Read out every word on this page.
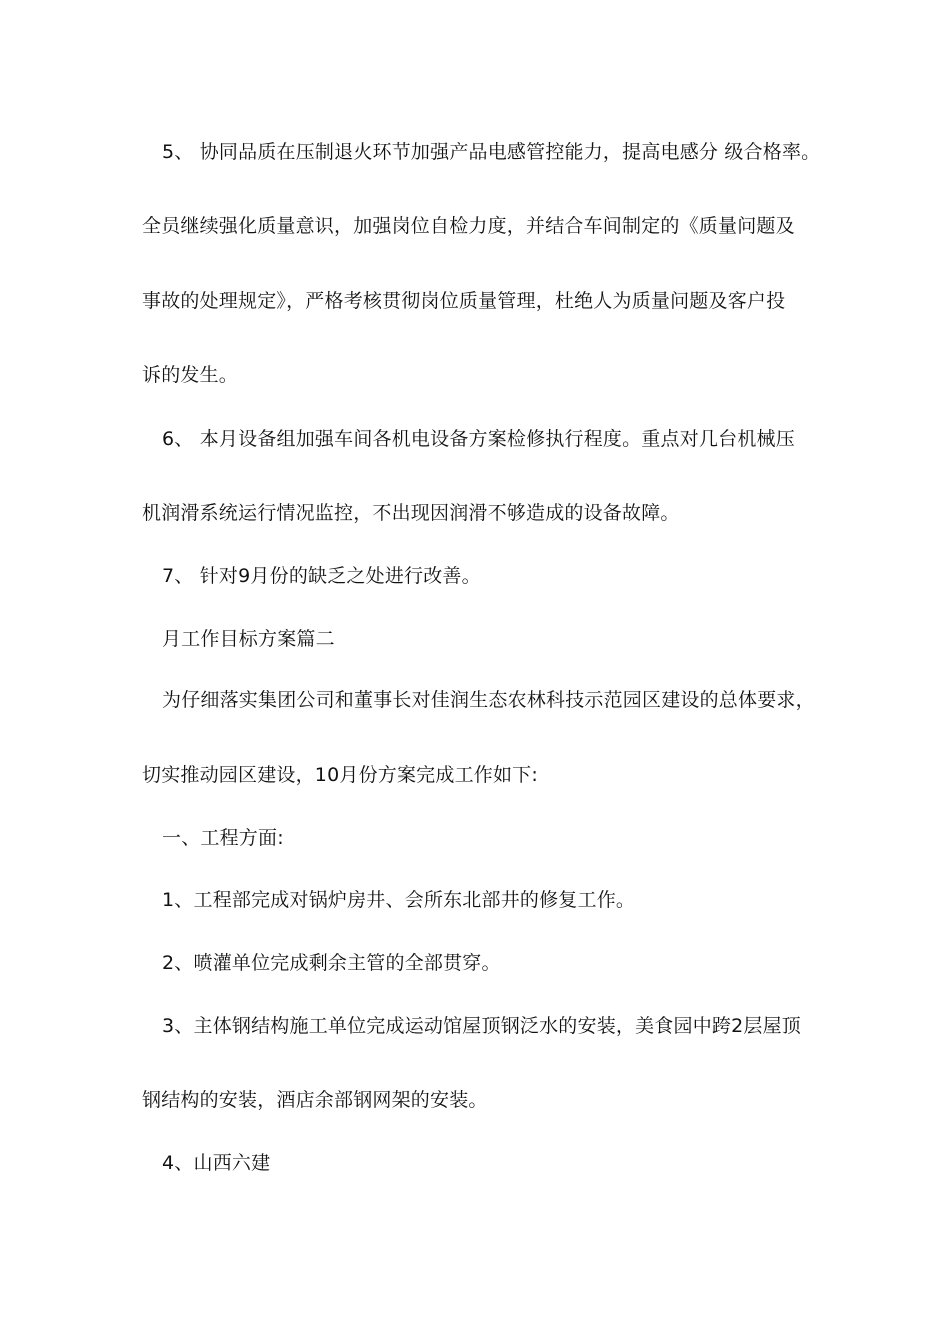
5、 协同品质在压制退火环节加强产品电感管控能力，提高电感分 级合格率。
全员继续强化质量意识，加强岗位自检力度，并结合车间制定的《质量问题及
事故的处理规定》，严格考核贯彻岗位质量管理，杜绝人为质量问题及客户投
诉的发生。
6、 本月设备组加强车间各机电设备方案检修执行程度。重点对几台机械压
机润滑系统运行情况监控，不出现因润滑不够造成的设备故障。
7、 针对9月份的缺乏之处进行改善。
月工作目标方案篇二
为仔细落实集团公司和董事长对佳润生态农林科技示范园区建设的总体要求，
切实推动园区建设，10月份方案完成工作如下:
一、工程方面:
1、工程部完成对锅炉房井、会所东北部井的修复工作。
2、喷灌单位完成剩余主管的全部贯穿。
3、主体钢结构施工单位完成运动馆屋顶钢泛水的安装，美食园中跨2层屋顶
钢结构的安装，酒店余部钢网架的安装。
4、山西六建
